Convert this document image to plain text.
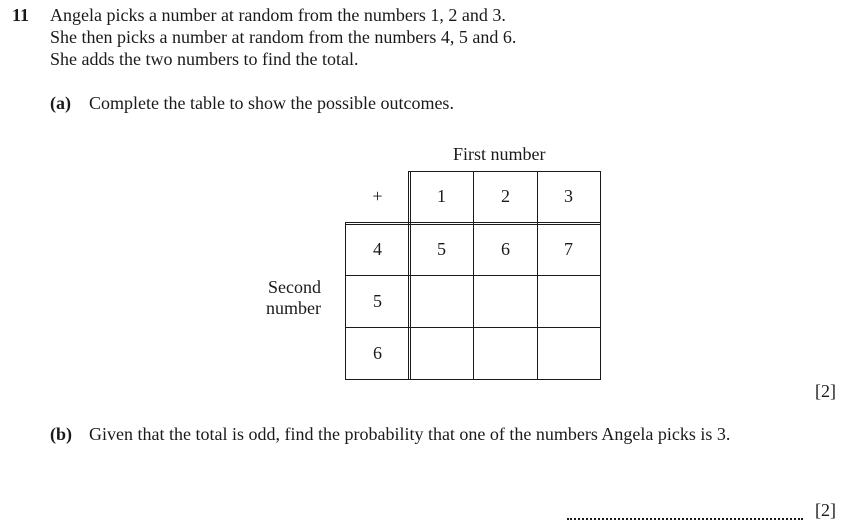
11 Angela picks a number at random from the numbers 1, 2 and 3.
She then picks a number at random from the numbers 4, 5 and 6.
She adds the two numbers to find the total.
(a) Complete the table to show the possible outcomes.
First number
Second
number
+	1	2	3
4	5	6	7
5
6
[2]
(b) Given that the total is odd, find the probability that one of the numbers Angela picks is 3.
[2]
